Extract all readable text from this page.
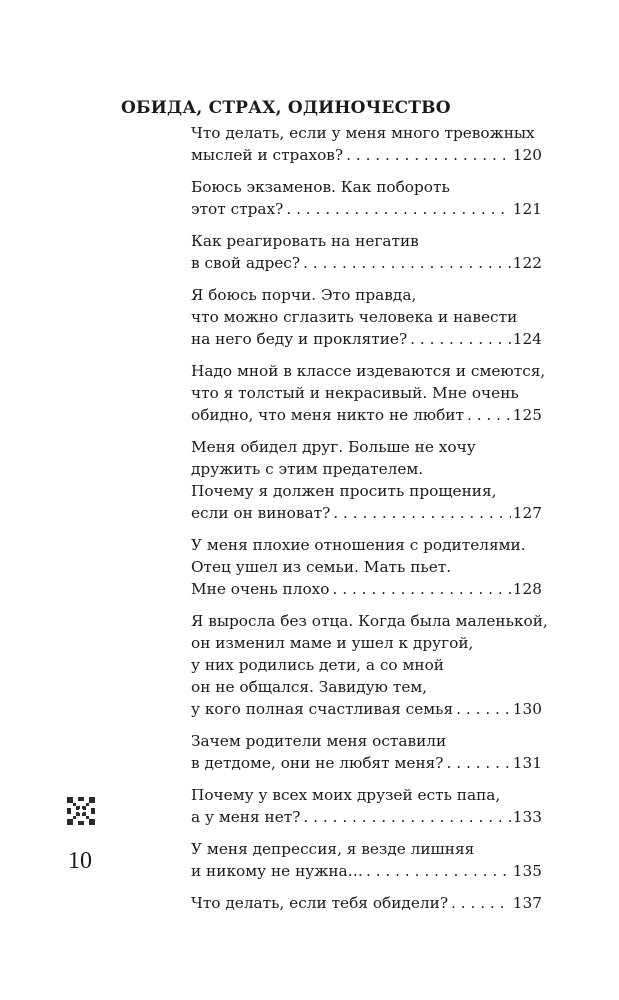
ОБИДА, СТРАХ, ОДИНОЧЕСТВО
Что делать, если у меня много тревожных
мыслей и страхов? . . .	120
Боюсь экзаменов. Как побороть
этот страх? . . .	121
Как реагировать на негатив
в свой адрес? . . .	122
Я боюсь порчи. Это правда,
что можно сглазить человека и навести
на него беду и проклятие? . . .	124
Надо мной в классе издеваются и смеются,
что я толстый и некрасивый. Мне очень
обидно, что меня никто не любит . . .	125
Меня обидел друг. Больше не хочу
дружить с этим предателем.
Почему я должен просить прощения,
если он виноват? . . .	127
У меня плохие отношения с родителями.
Отец ушел из семьи. Мать пьет.
Мне очень плохо . . .	128
Я выросла без отца. Когда была маленькой,
он изменил маме и ушел к другой,
у них родились дети, а со мной
он не общался. Завидую тем,
у кого полная счастливая семья . . .	130
Зачем родители меня оставили
в детдоме, они не любят меня? . . .	131
Почему у всех моих друзей есть папа,
а у меня нет? . . .	133
У меня депрессия, я везде лишняя
и никому не нужна… . . .	135
Что делать, если тебя обидели? . . .	137

10
